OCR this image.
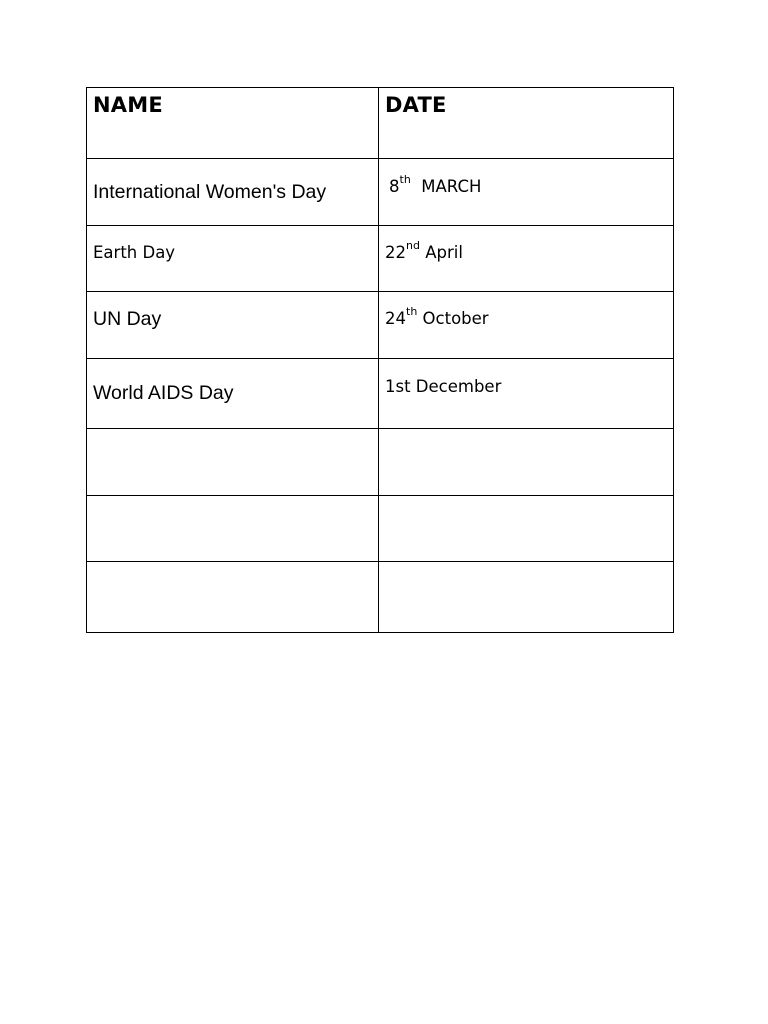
NAME	DATE
International Women's Day	8th  MARCH
Earth Day	22nd April
UN Day	24th October
World AIDS Day	1st December
